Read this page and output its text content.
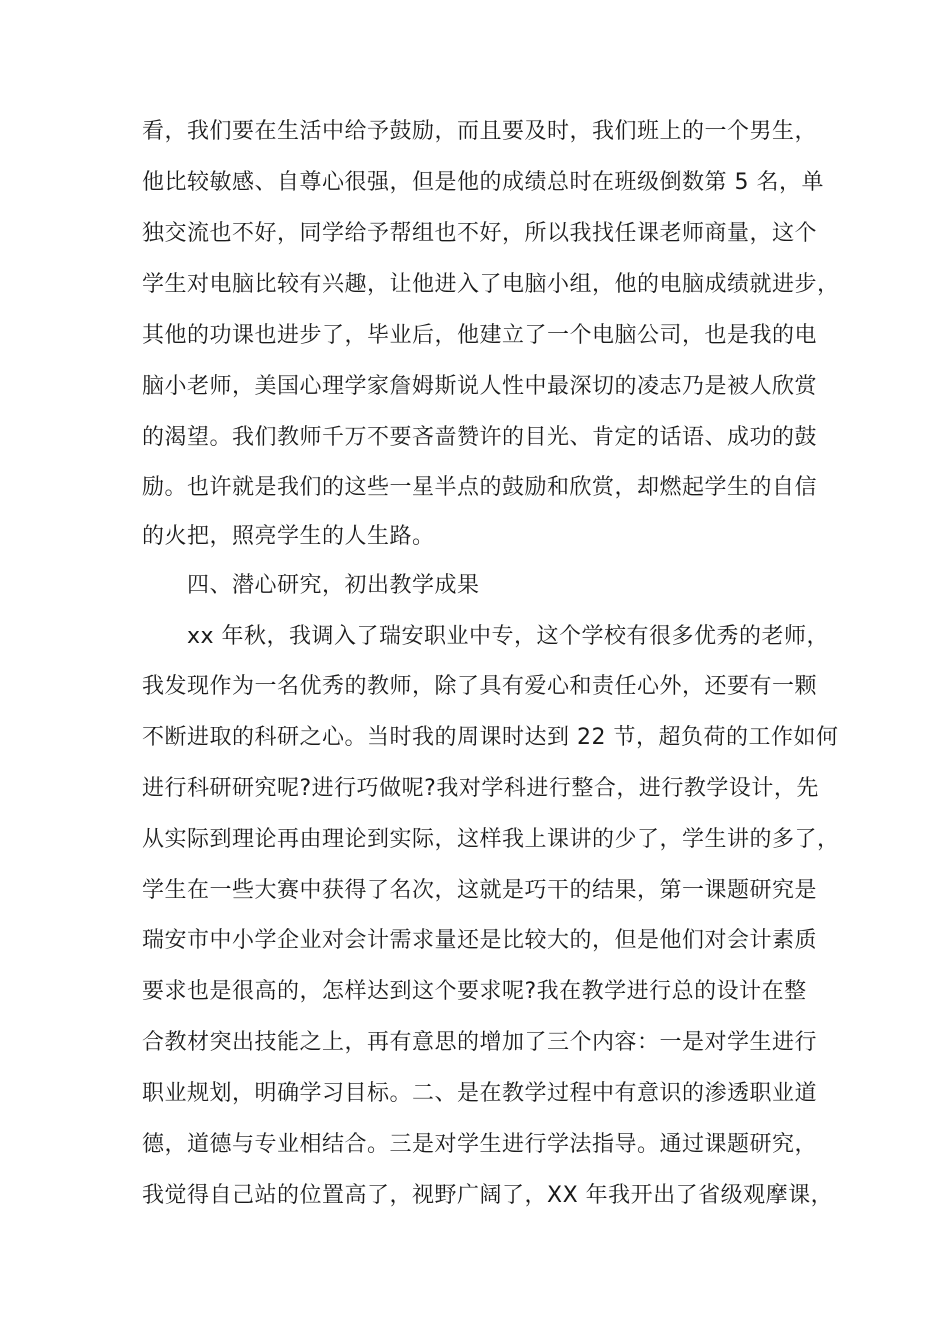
看，我们要在生活中给予鼓励，而且要及时，我们班上的一个男生，
他比较敏感、自尊心很强，但是他的成绩总时在班级倒数第 5 名，单
独交流也不好，同学给予帮组也不好，所以我找任课老师商量，这个
学生对电脑比较有兴趣，让他进入了电脑小组，他的电脑成绩就进步，
其他的功课也进步了，毕业后，他建立了一个电脑公司，也是我的电
脑小老师，美国心理学家詹姆斯说人性中最深切的凌志乃是被人欣赏
的渴望。我们教师千万不要吝啬赞许的目光、肯定的话语、成功的鼓
励。也许就是我们的这些一星半点的鼓励和欣赏，却燃起学生的自信
的火把，照亮学生的人生路。
四、潜心研究，初出教学成果
xx 年秋，我调入了瑞安职业中专，这个学校有很多优秀的老师，
我发现作为一名优秀的教师，除了具有爱心和责任心外，还要有一颗
不断进取的科研之心。当时我的周课时达到 22 节，超负荷的工作如何
进行科研研究呢?进行巧做呢?我对学科进行整合，进行教学设计，先
从实际到理论再由理论到实际，这样我上课讲的少了，学生讲的多了，
学生在一些大赛中获得了名次，这就是巧干的结果，第一课题研究是
瑞安市中小学企业对会计需求量还是比较大的，但是他们对会计素质
要求也是很高的，怎样达到这个要求呢?我在教学进行总的设计在整
合教材突出技能之上，再有意思的增加了三个内容：一是对学生进行
职业规划，明确学习目标。二、是在教学过程中有意识的渗透职业道
德，道德与专业相结合。三是对学生进行学法指导。通过课题研究，
我觉得自己站的位置高了，视野广阔了，XX 年我开出了省级观摩课，
